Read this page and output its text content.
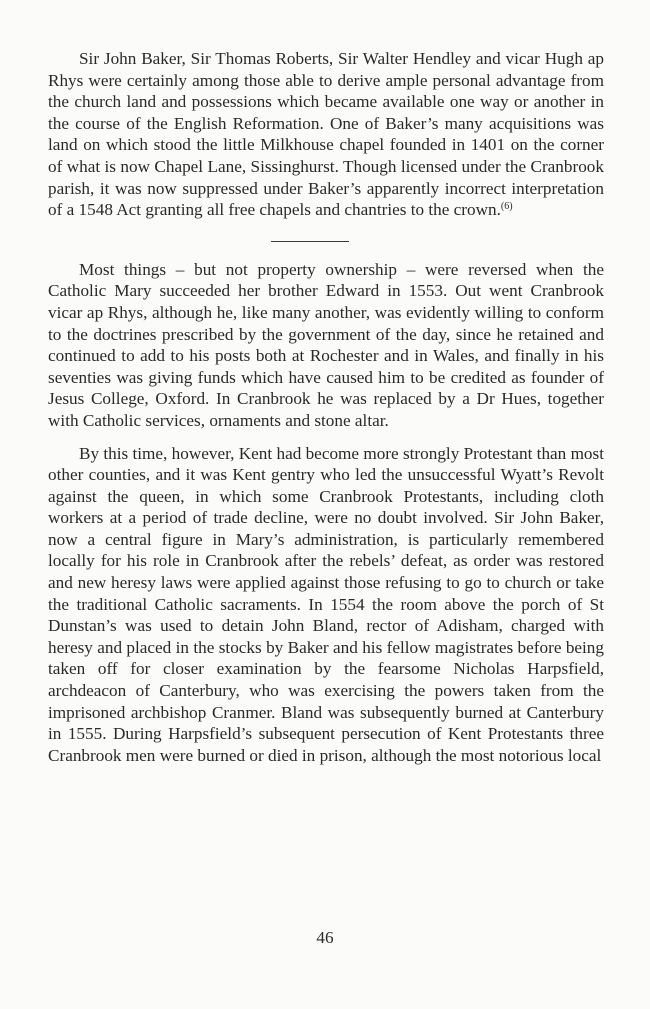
Sir John Baker, Sir Thomas Roberts, Sir Walter Hendley and vicar Hugh ap Rhys were certainly among those able to derive ample personal advantage from the church land and possessions which became available one way or another in the course of the English Reformation. One of Baker’s many acquisitions was land on which stood the little Milkhouse chapel founded in 1401 on the corner of what is now Chapel Lane, Sissinghurst. Though licensed under the Cranbrook parish, it was now suppressed under Baker’s apparently incorrect interpretation of a 1548 Act granting all free chapels and chantries to the crown.$^{(6)}$

Most things – but not property ownership – were reversed when the Catholic Mary succeeded her brother Edward in 1553. Out went Cranbrook vicar ap Rhys, although he, like many another, was evidently willing to conform to the doctrines prescribed by the government of the day, since he retained and continued to add to his posts both at Rochester and in Wales, and finally in his seventies was giving funds which have caused him to be credited as founder of Jesus College, Oxford. In Cranbrook he was replaced by a Dr Hues, together with Catholic services, ornaments and stone altar.

By this time, however, Kent had become more strongly Protestant than most other counties, and it was Kent gentry who led the unsuccessful Wyatt’s Revolt against the queen, in which some Cranbrook Protestants, including cloth workers at a period of trade decline, were no doubt involved. Sir John Baker, now a central figure in Mary’s administration, is particularly remembered locally for his role in Cranbrook after the rebels’ defeat, as order was restored and new heresy laws were applied against those refusing to go to church or take the traditional Catholic sacraments. In 1554 the room above the porch of St Dunstan’s was used to detain John Bland, rector of Adisham, charged with heresy and placed in the stocks by Baker and his fellow magistrates before being taken off for closer examination by the fearsome Nicholas Harpsfield, archdeacon of Canterbury, who was exercising the powers taken from the imprisoned archbishop Cranmer. Bland was subsequently burned at Canterbury in 1555. During Harpsfield’s subsequent persecution of Kent Protestants three Cranbrook men were burned or died in prison, although the most notorious local

46
